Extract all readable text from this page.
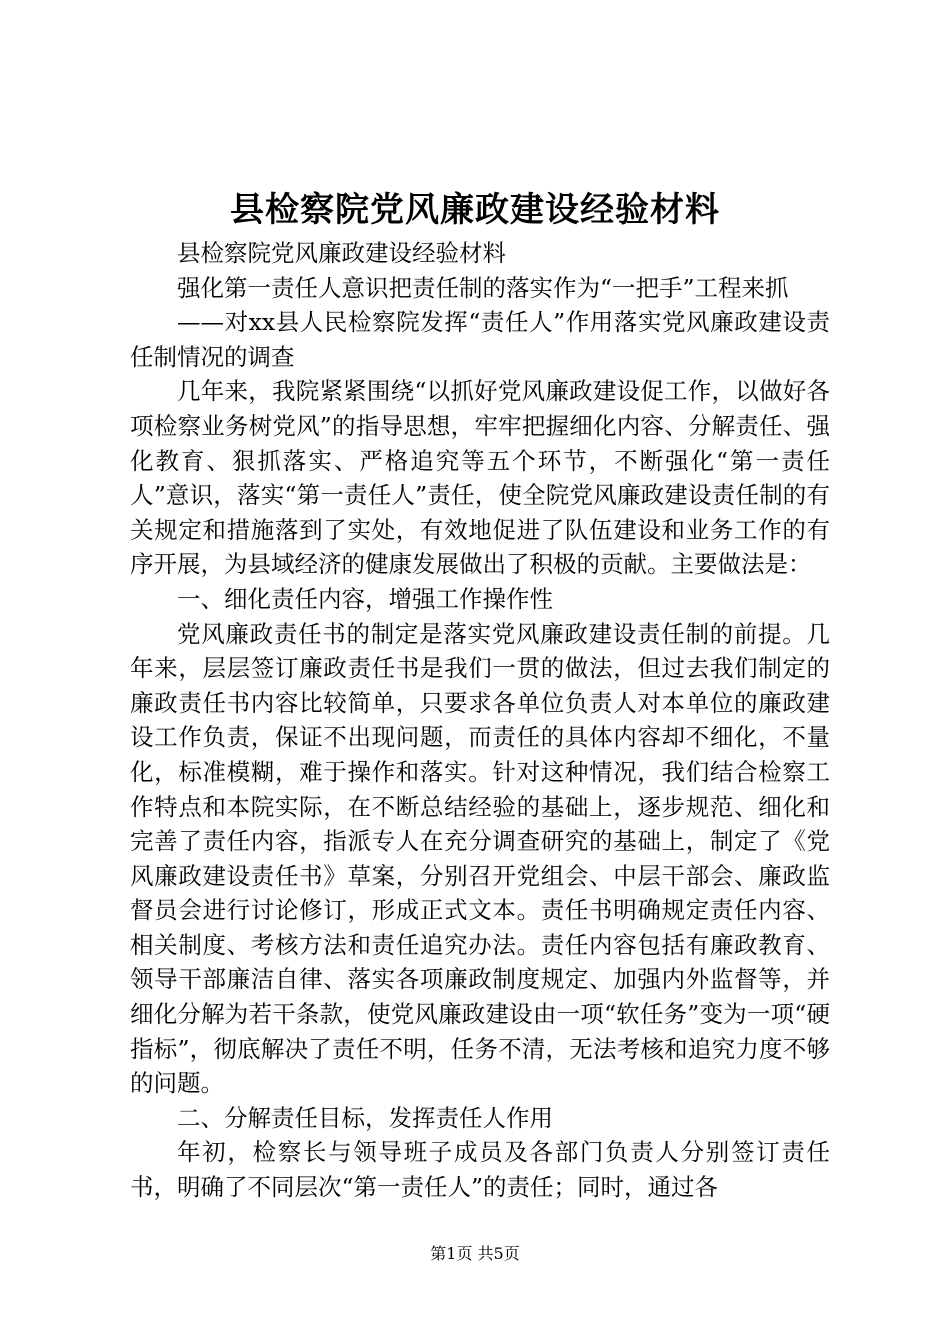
县检察院党风廉政建设经验材料

县检察院党风廉政建设经验材料

强化第一责任人意识把责任制的落实作为“一把手”工程来抓

——对xx县人民检察院发挥“责任人”作用落实党风廉政建设责任制情况的调查

几年来，我院紧紧围绕“以抓好党风廉政建设促工作，以做好各项检察业务树党风”的指导思想，牢牢把握细化内容、分解责任、强化教育、狠抓落实、严格追究等五个环节，不断强化“第一责任人”意识，落实“第一责任人”责任，使全院党风廉政建设责任制的有关规定和措施落到了实处，有效地促进了队伍建设和业务工作的有序开展，为县域经济的健康发展做出了积极的贡献。主要做法是：

一、细化责任内容，增强工作操作性

党风廉政责任书的制定是落实党风廉政建设责任制的前提。几年来，层层签订廉政责任书是我们一贯的做法，但过去我们制定的廉政责任书内容比较简单，只要求各单位负责人对本单位的廉政建设工作负责，保证不出现问题，而责任的具体内容却不细化，不量化，标准模糊，难于操作和落实。针对这种情况，我们结合检察工作特点和本院实际，在不断总结经验的基础上，逐步规范、细化和完善了责任内容，指派专人在充分调查研究的基础上，制定了《党风廉政建设责任书》草案，分别召开党组会、中层干部会、廉政监督员会进行讨论修订，形成正式文本。责任书明确规定责任内容、相关制度、考核方法和责任追究办法。责任内容包括有廉政教育、领导干部廉洁自律、落实各项廉政制度规定、加强内外监督等，并细化分解为若干条款，使党风廉政建设由一项“软任务”变为一项“硬指标”，彻底解决了责任不明，任务不清，无法考核和追究力度不够的问题。

二、分解责任目标，发挥责任人作用

年初，检察长与领导班子成员及各部门负责人分别签订责任书，明确了不同层次“第一责任人”的责任；同时，通过各

第1页 共5页
